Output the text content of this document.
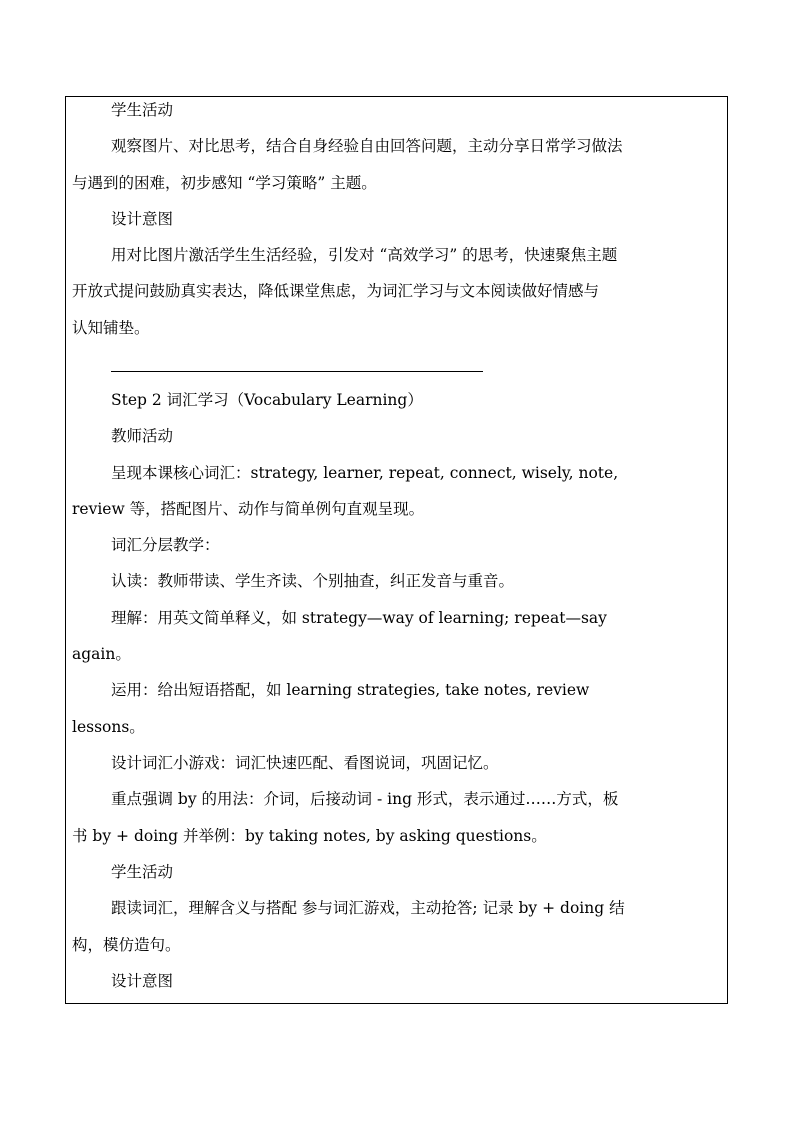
学生活动
观察图片、对比思考，结合自身经验自由回答问题，主动分享日常学习做法
与遇到的困难，初步感知 “学习策略” 主题。
设计意图
用对比图片激活学生生活经验，引发对 “高效学习” 的思考，快速聚焦主题
开放式提问鼓励真实表达，降低课堂焦虑，为词汇学习与文本阅读做好情感与
认知铺垫。
Step 2 词汇学习（Vocabulary Learning）
教师活动
呈现本课核心词汇：strategy, learner, repeat, connect, wisely, note,
review 等，搭配图片、动作与简单例句直观呈现。
词汇分层教学：
认读：教师带读、学生齐读、个别抽查，纠正发音与重音。
理解：用英文简单释义，如 strategy—way of learning; repeat—say
again。
运用：给出短语搭配，如 learning strategies, take notes, review
lessons。
设计词汇小游戏：词汇快速匹配、看图说词，巩固记忆。
重点强调 by 的用法：介词，后接动词 - ing 形式，表示通过……方式，板
书 by + doing 并举例：by taking notes, by asking questions。
学生活动
跟读词汇，理解含义与搭配 参与词汇游戏，主动抢答; 记录 by + doing 结
构，模仿造句。
设计意图
